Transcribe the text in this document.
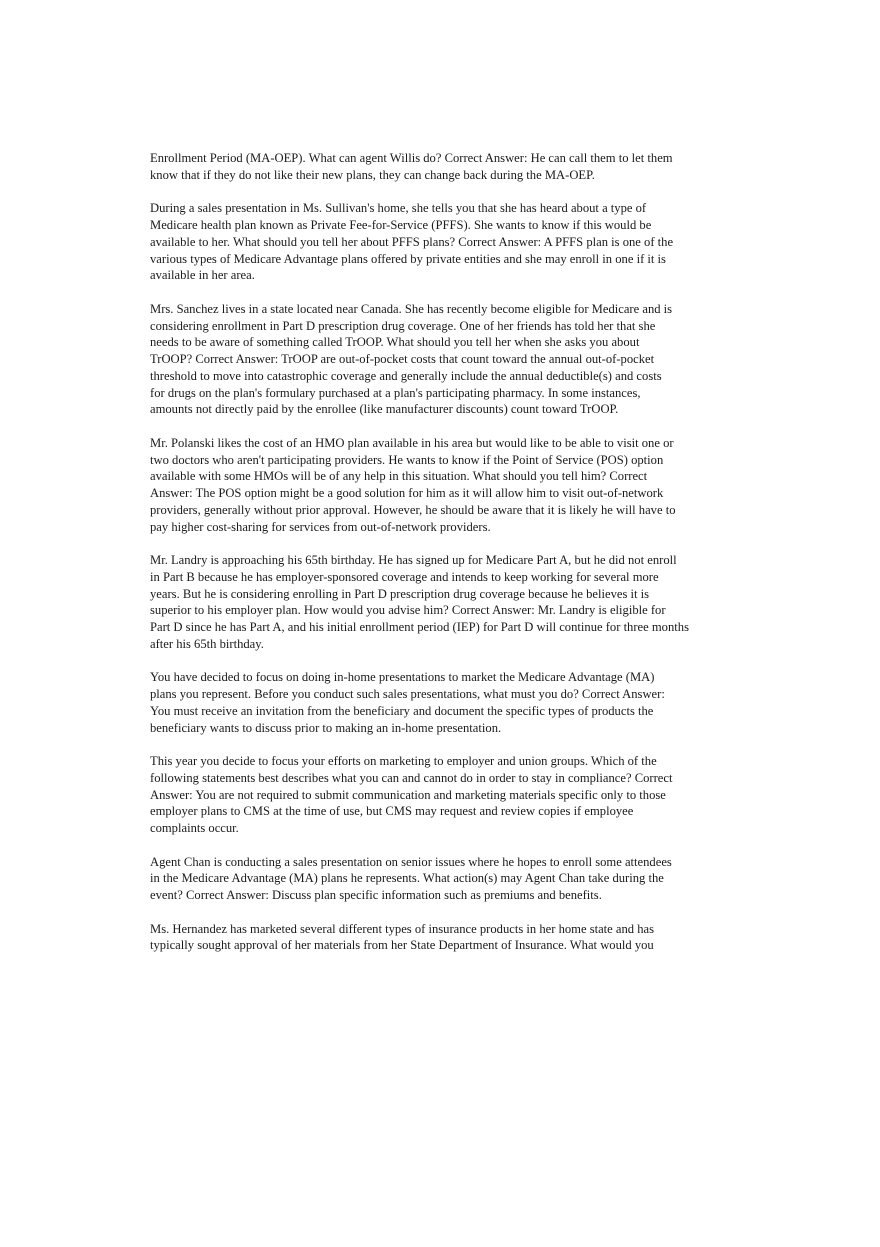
Enrollment Period (MA-OEP). What can agent Willis do? Correct Answer: He can call them to let them
know that if they do not like their new plans, they can change back during the MA-OEP.

During a sales presentation in Ms. Sullivan's home, she tells you that she has heard about a type of
Medicare health plan known as Private Fee-for-Service (PFFS). She wants to know if this would be
available to her. What should you tell her about PFFS plans? Correct Answer: A PFFS plan is one of the
various types of Medicare Advantage plans offered by private entities and she may enroll in one if it is
available in her area.

Mrs. Sanchez lives in a state located near Canada. She has recently become eligible for Medicare and is
considering enrollment in Part D prescription drug coverage. One of her friends has told her that she
needs to be aware of something called TrOOP. What should you tell her when she asks you about
TrOOP? Correct Answer: TrOOP are out-of-pocket costs that count toward the annual out-of-pocket
threshold to move into catastrophic coverage and generally include the annual deductible(s) and costs
for drugs on the plan's formulary purchased at a plan's participating pharmacy. In some instances,
amounts not directly paid by the enrollee (like manufacturer discounts) count toward TrOOP.

Mr. Polanski likes the cost of an HMO plan available in his area but would like to be able to visit one or
two doctors who aren't participating providers. He wants to know if the Point of Service (POS) option
available with some HMOs will be of any help in this situation. What should you tell him? Correct
Answer: The POS option might be a good solution for him as it will allow him to visit out-of-network
providers, generally without prior approval. However, he should be aware that it is likely he will have to
pay higher cost-sharing for services from out-of-network providers.

Mr. Landry is approaching his 65th birthday. He has signed up for Medicare Part A, but he did not enroll
in Part B because he has employer-sponsored coverage and intends to keep working for several more
years. But he is considering enrolling in Part D prescription drug coverage because he believes it is
superior to his employer plan. How would you advise him? Correct Answer: Mr. Landry is eligible for
Part D since he has Part A, and his initial enrollment period (IEP) for Part D will continue for three months
after his 65th birthday.

You have decided to focus on doing in-home presentations to market the Medicare Advantage (MA)
plans you represent. Before you conduct such sales presentations, what must you do? Correct Answer:
You must receive an invitation from the beneficiary and document the specific types of products the
beneficiary wants to discuss prior to making an in-home presentation.

This year you decide to focus your efforts on marketing to employer and union groups. Which of the
following statements best describes what you can and cannot do in order to stay in compliance? Correct
Answer: You are not required to submit communication and marketing materials specific only to those
employer plans to CMS at the time of use, but CMS may request and review copies if employee
complaints occur.

Agent Chan is conducting a sales presentation on senior issues where he hopes to enroll some attendees
in the Medicare Advantage (MA) plans he represents. What action(s) may Agent Chan take during the
event? Correct Answer: Discuss plan specific information such as premiums and benefits.

Ms. Hernandez has marketed several different types of insurance products in her home state and has
typically sought approval of her materials from her State Department of Insurance. What would you
